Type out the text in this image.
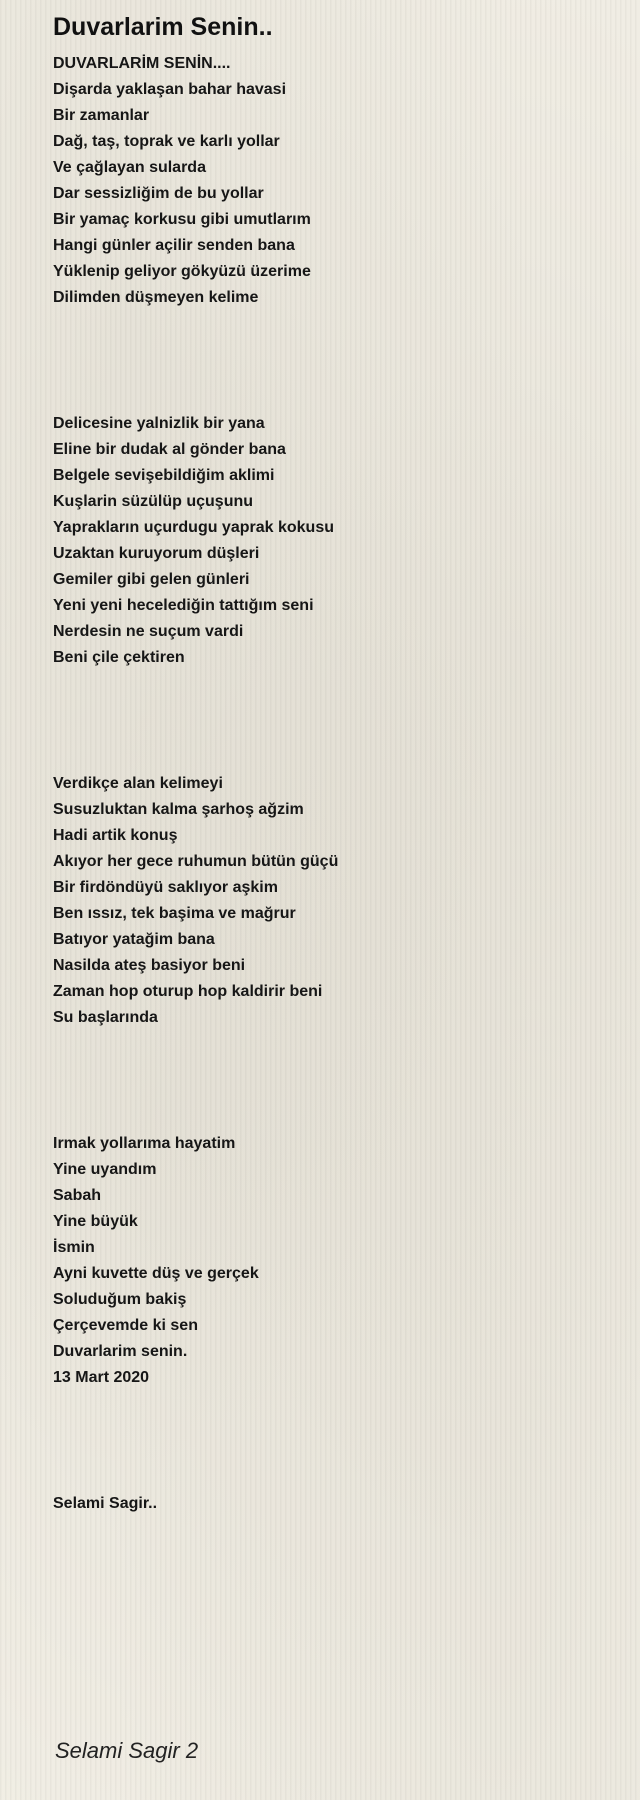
Duvarlarim Senin..
DUVARLARİM SENİN....
Dişarda yaklaşan bahar havasi
Bir zamanlar
Dağ, taş, toprak ve karlı yollar
Ve çağlayan sularda
Dar sessizliğim de bu yollar
Bir yamaç korkusu gibi umutlarım
Hangi günler açilir senden bana
Yüklenip geliyor gökyüzü üzerime
Dilimden düşmeyen kelime
Delicesine yalnizlik bir yana
Eline bir dudak al gönder bana
Belgele sevişebildiğim aklimi
Kuşlarin süzülüp uçuşunu
Yaprakların uçurdugu yaprak kokusu
Uzaktan kuruyorum düşleri
Gemiler gibi gelen günleri
Yeni yeni hecelediğin tattığım seni
Nerdesin ne suçum vardi
Beni çile çektiren
Verdikçe alan kelimeyi
Susuzluktan kalma şarhoş ağzim
Hadi artik konuş
Akıyor her gece ruhumun bütün güçü
Bir firdöndüyü saklıyor aşkim
Ben ıssız, tek başima ve mağrur
Batıyor yatağim bana
Nasilda ateş basiyor beni
Zaman hop oturup hop kaldirir beni
Su başlarında
Irmak yollarıma hayatim
Yine uyandım
Sabah
Yine büyük
İsmin
Ayni kuvette düş ve gerçek
Soluduğum bakiş
Çerçevemde ki sen
Duvarlarim senin.
13 Mart 2020
Selami Sagir..
Selami Sagir 2
